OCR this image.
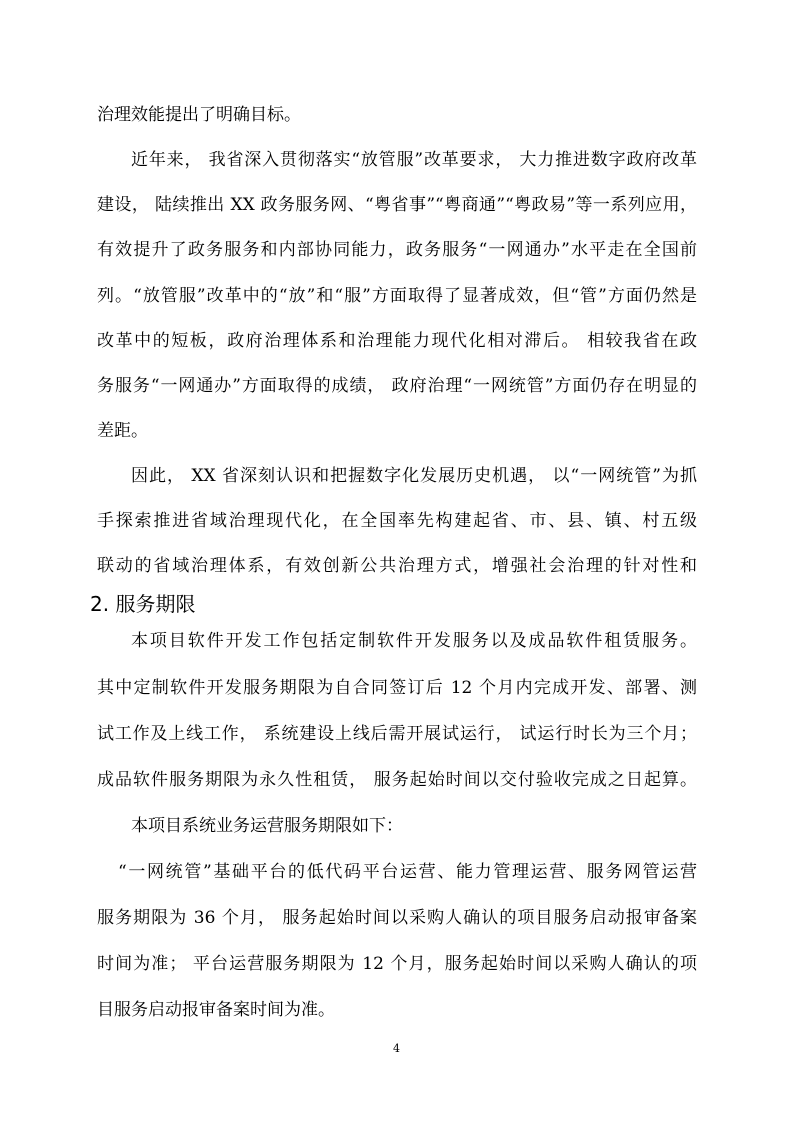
治理效能提出了明确目标。
近年来， 我省深入贯彻落实“放管服”改革要求， 大力推进数字政府改革
建设， 陆续推出 XX 政务服务网、“粤省事”“粤商通”“粤政易”等一系列应用，
有效提升了政务服务和内部协同能力，政务服务“一网通办”水平走在全国前
列。“放管服”改革中的“放”和“服”方面取得了显著成效，但“管”方面仍然是
改革中的短板，政府治理体系和治理能力现代化相对滞后。 相较我省在政
务服务“一网通办”方面取得的成绩， 政府治理“一网统管”方面仍存在明显的
差距。
因此， XX 省深刻认识和把握数字化发展历史机遇， 以“一网统管”为抓
手探索推进省域治理现代化，在全国率先构建起省、市、县、镇、村五级
联动的省域治理体系，有效创新公共治理方式，增强社会治理的针对性和
2. 服务期限
本项目软件开发工作包括定制软件开发服务以及成品软件租赁服务。
其中定制软件开发服务期限为自合同签订后 12 个月内完成开发、部署、测
试工作及上线工作， 系统建设上线后需开展试运行， 试运行时长为三个月；
成品软件服务期限为永久性租赁， 服务起始时间以交付验收完成之日起算。
本项目系统业务运营服务期限如下：
“一网统管”基础平台的低代码平台运营、能力管理运营、服务网管运营
服务期限为 36 个月， 服务起始时间以采购人确认的项目服务启动报审备案
时间为准； 平台运营服务期限为 12 个月，服务起始时间以采购人确认的项
目服务启动报审备案时间为准。
4
